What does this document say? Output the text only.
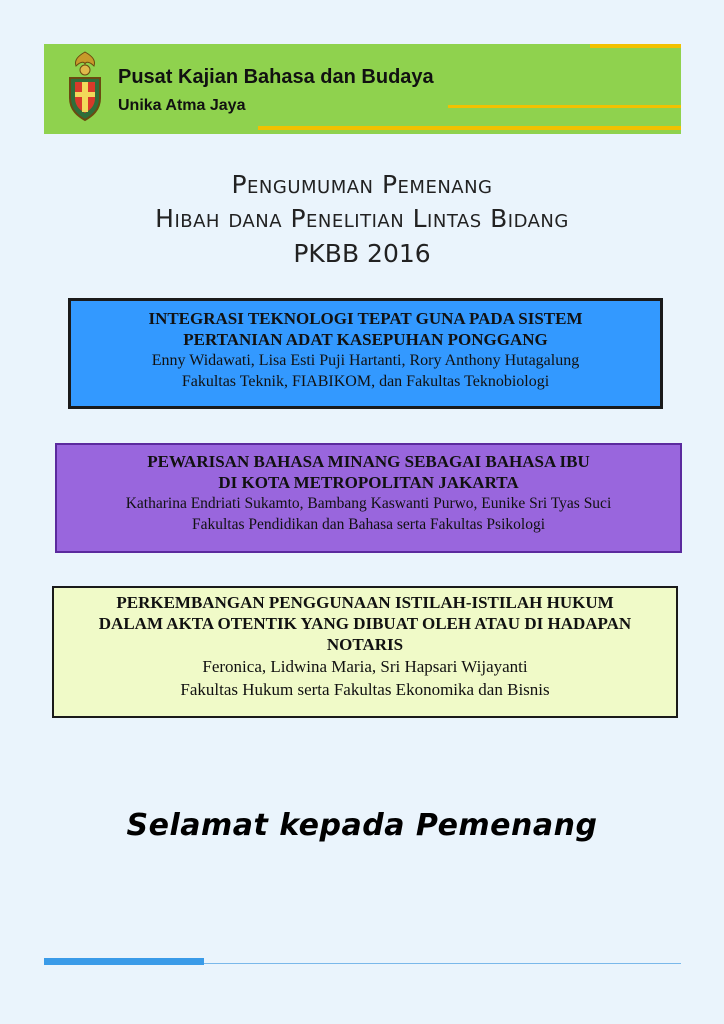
Pusat Kajian Bahasa dan Budaya
Unika Atma Jaya
Pengumuman Pemenang
Hibah dana Penelitian Lintas Bidang
PKBB 2016
INTEGRASI TEKNOLOGI TEPAT GUNA PADA SISTEM
PERTANIAN ADAT KASEPUHAN PONGGANG
Enny Widawati, Lisa Esti Puji Hartanti, Rory Anthony Hutagalung
Fakultas Teknik, FIABIKOM, dan Fakultas Teknobiologi
PEWARISAN BAHASA MINANG SEBAGAI BAHASA IBU
DI KOTA METROPOLITAN JAKARTA
Katharina Endriati Sukamto, Bambang Kaswanti Purwo, Eunike Sri Tyas Suci
Fakultas Pendidikan dan Bahasa serta Fakultas Psikologi
PERKEMBANGAN PENGGUNAAN ISTILAH-ISTILAH HUKUM
DALAM AKTA OTENTIK YANG DIBUAT OLEH ATAU DI HADAPAN
NOTARIS
Feronica, Lidwina Maria, Sri Hapsari Wijayanti
Fakultas Hukum serta Fakultas Ekonomika dan Bisnis
Selamat kepada Pemenang
